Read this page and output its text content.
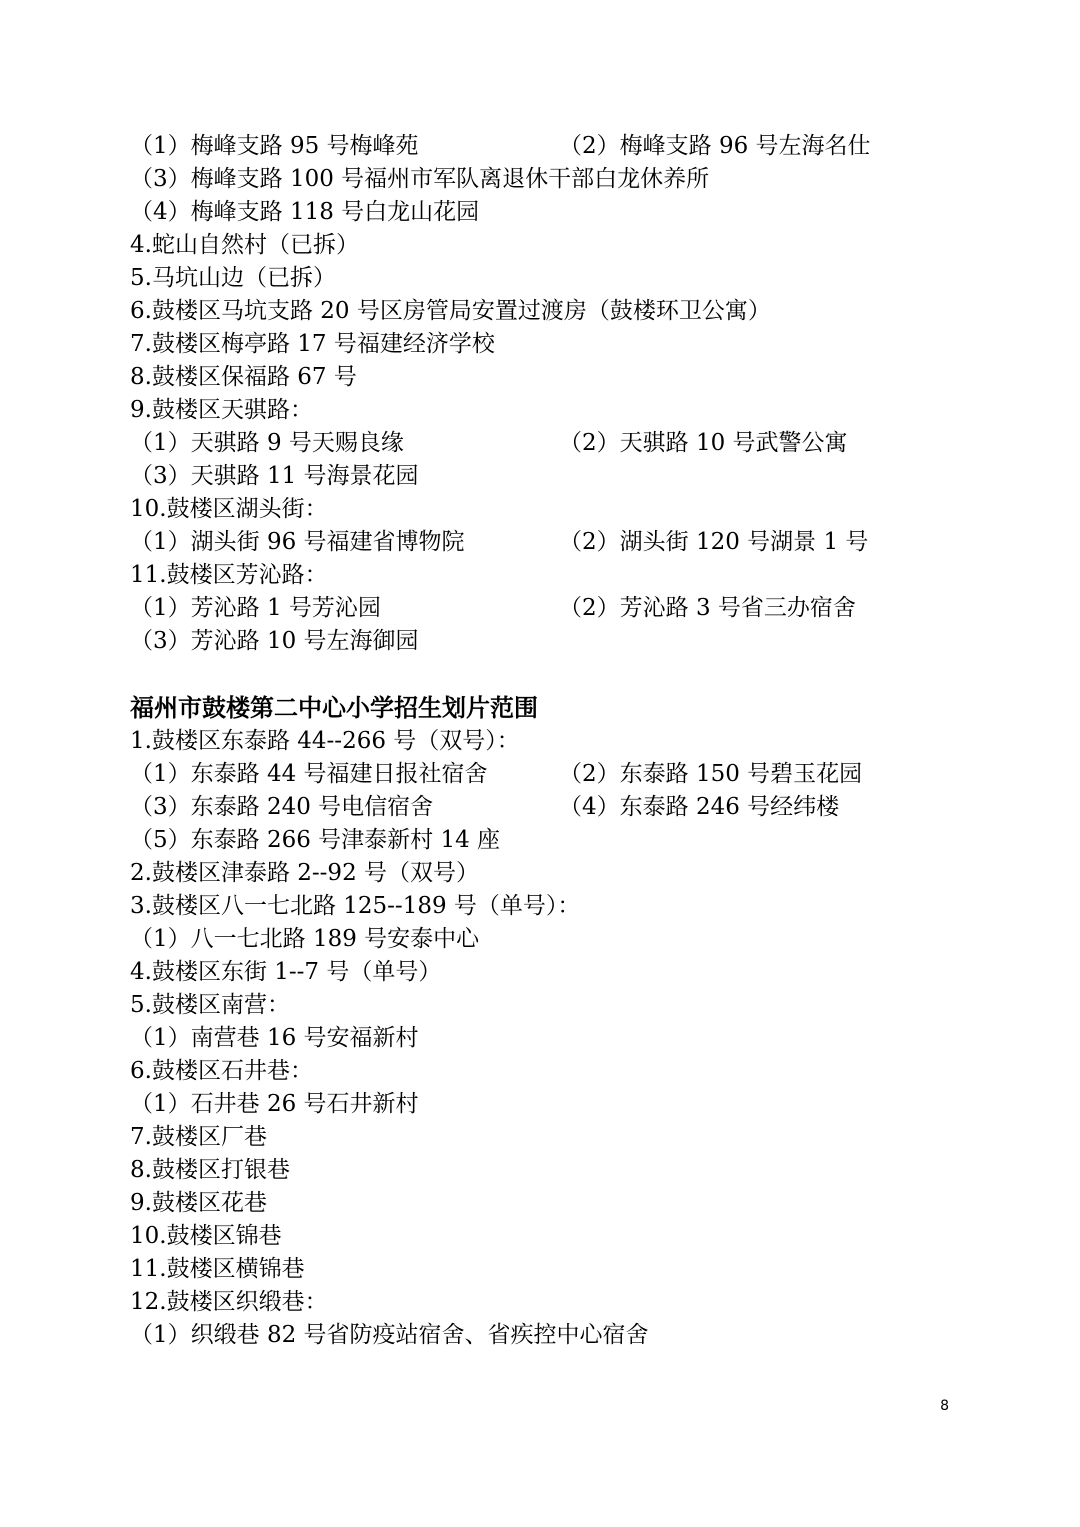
（1）梅峰支路 95 号梅峰苑	（2）梅峰支路 96 号左海名仕
（3）梅峰支路 100 号福州市军队离退休干部白龙休养所
（4）梅峰支路 118 号白龙山花园
4.蛇山自然村（已拆）
5.马坑山边（已拆）
6.鼓楼区马坑支路 20 号区房管局安置过渡房（鼓楼环卫公寓）
7.鼓楼区梅亭路 17 号福建经济学校
8.鼓楼区保福路 67 号
9.鼓楼区天骐路：
（1）天骐路 9 号天赐良缘	（2）天骐路 10 号武警公寓
（3）天骐路 11 号海景花园
10.鼓楼区湖头街：
（1）湖头街 96 号福建省博物院	（2）湖头街 120 号湖景 1 号
11.鼓楼区芳沁路：
（1）芳沁路 1 号芳沁园	（2）芳沁路 3 号省三办宿舍
（3）芳沁路 10 号左海御园
福州市鼓楼第二中心小学招生划片范围
1.鼓楼区东泰路 44--266 号（双号）：
（1）东泰路 44 号福建日报社宿舍	（2）东泰路 150 号碧玉花园
（3）东泰路 240 号电信宿舍	（4）东泰路 246 号经纬楼
（5）东泰路 266 号津泰新村 14 座
2.鼓楼区津泰路 2--92 号（双号）
3.鼓楼区八一七北路 125--189 号（单号）：
（1）八一七北路 189 号安泰中心
4.鼓楼区东街 1--7 号（单号）
5.鼓楼区南营：
（1）南营巷 16 号安福新村
6.鼓楼区石井巷：
（1）石井巷 26 号石井新村
7.鼓楼区厂巷
8.鼓楼区打银巷
9.鼓楼区花巷
10.鼓楼区锦巷
11.鼓楼区横锦巷
12.鼓楼区织缎巷：
（1）织缎巷 82 号省防疫站宿舍、省疾控中心宿舍
8
